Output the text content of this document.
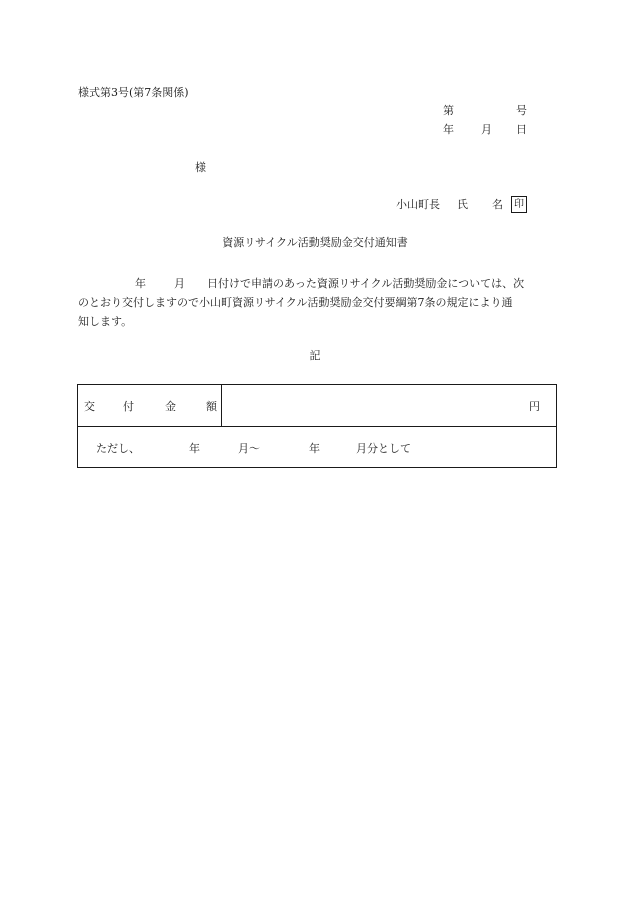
様式第3号(第7条関係)
第	号
年 月 日
様
小山町長 氏 名	印
資源リサイクル活動奨励金交付通知書
年	月 日付けで申請のあった資源リサイクル活動奨励金については、次
のとおり交付しますので小山町資源リサイクル活動奨励金交付要綱第7条の規定により通
知します。
記
交	付	金	額	円

ただし、	年	月〜	年	月分として
